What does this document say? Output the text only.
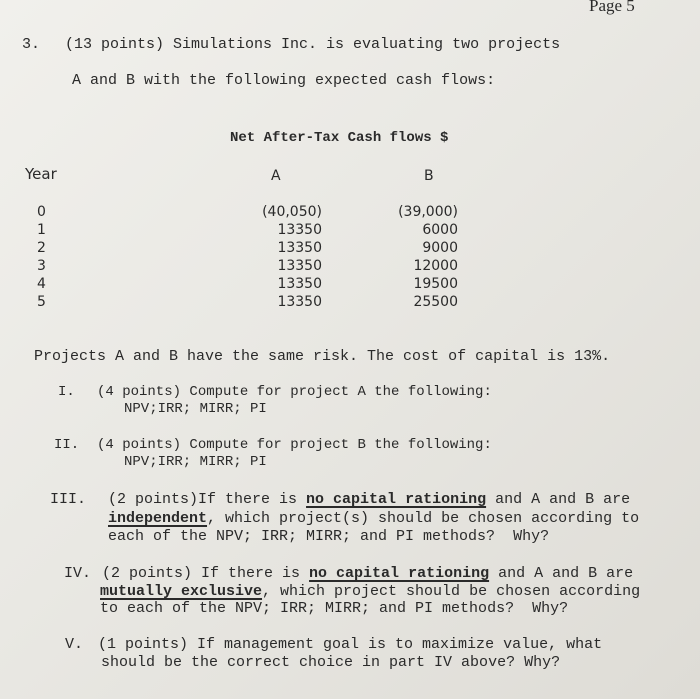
Page 5
3. (13 points) Simulations Inc. is evaluating two projects
A and B with the following expected cash flows:
Net After-Tax Cash flows $
Year	A	B
0
1
2
3
4
5
(40,050)
13350
13350
13350
13350
13350
(39,000)
6000
9000
12000
19500
25500
Projects A and B have the same risk. The cost of capital is 13%.
I. (4 points) Compute for project A the following:
NPV;IRR; MIRR; PI
II. (4 points) Compute for project B the following:
NPV;IRR; MIRR; PI
III. (2 points)If there is no capital rationing and A and B are
independent, which project(s) should be chosen according to
each of the NPV; IRR; MIRR; and PI methods?  Why?
IV. (2 points) If there is no capital rationing and A and B are
mutually exclusive, which project should be chosen according
to each of the NPV; IRR; MIRR; and PI methods?  Why?
V. (1 points) If management goal is to maximize value, what
should be the correct choice in part IV above? Why?
